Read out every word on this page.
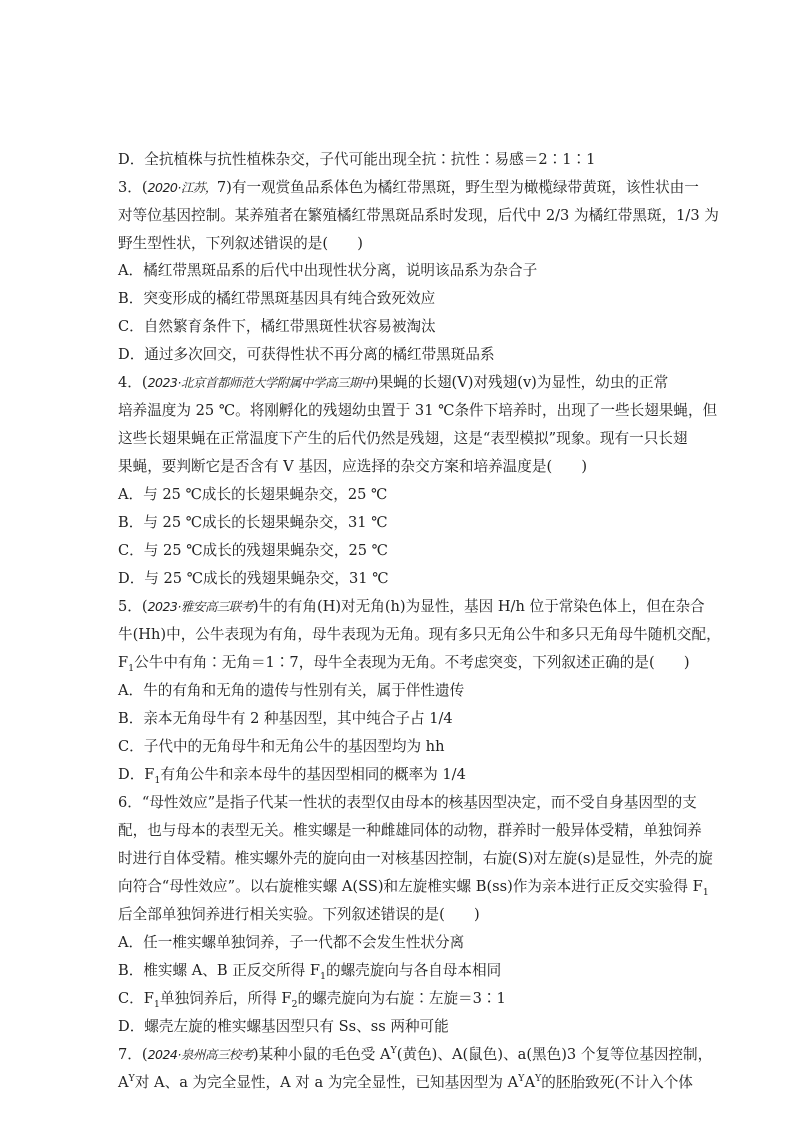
D．全抗植株与抗性植株杂交，子代可能出现全抗∶抗性∶易感＝2∶1∶1
3．(2020·江苏，7)有一观赏鱼品系体色为橘红带黑斑，野生型为橄榄绿带黄斑，该性状由一
对等位基因控制。某养殖者在繁殖橘红带黑斑品系时发现，后代中 2/3 为橘红带黑斑，1/3 为
野生型性状，下列叙述错误的是(　　)
A．橘红带黑斑品系的后代中出现性状分离，说明该品系为杂合子
B．突变形成的橘红带黑斑基因具有纯合致死效应
C．自然繁育条件下，橘红带黑斑性状容易被淘汰
D．通过多次回交，可获得性状不再分离的橘红带黑斑品系
4．(2023·北京首都师范大学附属中学高三期中)果蝇的长翅(V)对残翅(v)为显性，幼虫的正常
培养温度为 25 ℃。将刚孵化的残翅幼虫置于 31 ℃条件下培养时，出现了一些长翅果蝇，但
这些长翅果蝇在正常温度下产生的后代仍然是残翅，这是“表型模拟”现象。现有一只长翅
果蝇，要判断它是否含有 V 基因，应选择的杂交方案和培养温度是(　　)
A．与 25 ℃成长的长翅果蝇杂交，25 ℃
B．与 25 ℃成长的长翅果蝇杂交，31 ℃
C．与 25 ℃成长的残翅果蝇杂交，25 ℃
D．与 25 ℃成长的残翅果蝇杂交，31 ℃
5．(2023·雅安高三联考)牛的有角(H)对无角(h)为显性，基因 H/h 位于常染色体上，但在杂合
牛(Hh)中，公牛表现为有角，母牛表现为无角。现有多只无角公牛和多只无角母牛随机交配，
$F_1$公牛中有角∶无角＝1∶7，母牛全表现为无角。不考虑突变，下列叙述正确的是(　　)
A．牛的有角和无角的遗传与性别有关，属于伴性遗传
B．亲本无角母牛有 2 种基因型，其中纯合子占 1/4
C．子代中的无角母牛和无角公牛的基因型均为 hh
D．$F_1$有角公牛和亲本母牛的基因型相同的概率为 1/4
6．“母性效应”是指子代某一性状的表型仅由母本的核基因型决定，而不受自身基因型的支
配，也与母本的表型无关。椎实螺是一种雌雄同体的动物，群养时一般异体受精，单独饲养
时进行自体受精。椎实螺外壳的旋向由一对核基因控制，右旋(S)对左旋(s)是显性，外壳的旋
向符合“母性效应”。以右旋椎实螺 A(SS)和左旋椎实螺 B(ss)作为亲本进行正反交实验得 $F_1$
后全部单独饲养进行相关实验。下列叙述错误的是(　　)
A．任一椎实螺单独饲养，子一代都不会发生性状分离
B．椎实螺 A、B 正反交所得 $F_1$的螺壳旋向与各自母本相同
C．$F_1$单独饲养后，所得 $F_2$的螺壳旋向为右旋∶左旋＝3∶1
D．螺壳左旋的椎实螺基因型只有 Ss、ss 两种可能
7．(2024·泉州高三校考)某种小鼠的毛色受 $A^Y$(黄色)、A(鼠色)、a(黑色)3 个复等位基因控制，
$A^Y$对 A、a 为完全显性，A 对 a 为完全显性，已知基因型为 $A^YA^Y$的胚胎致死(不计入个体
